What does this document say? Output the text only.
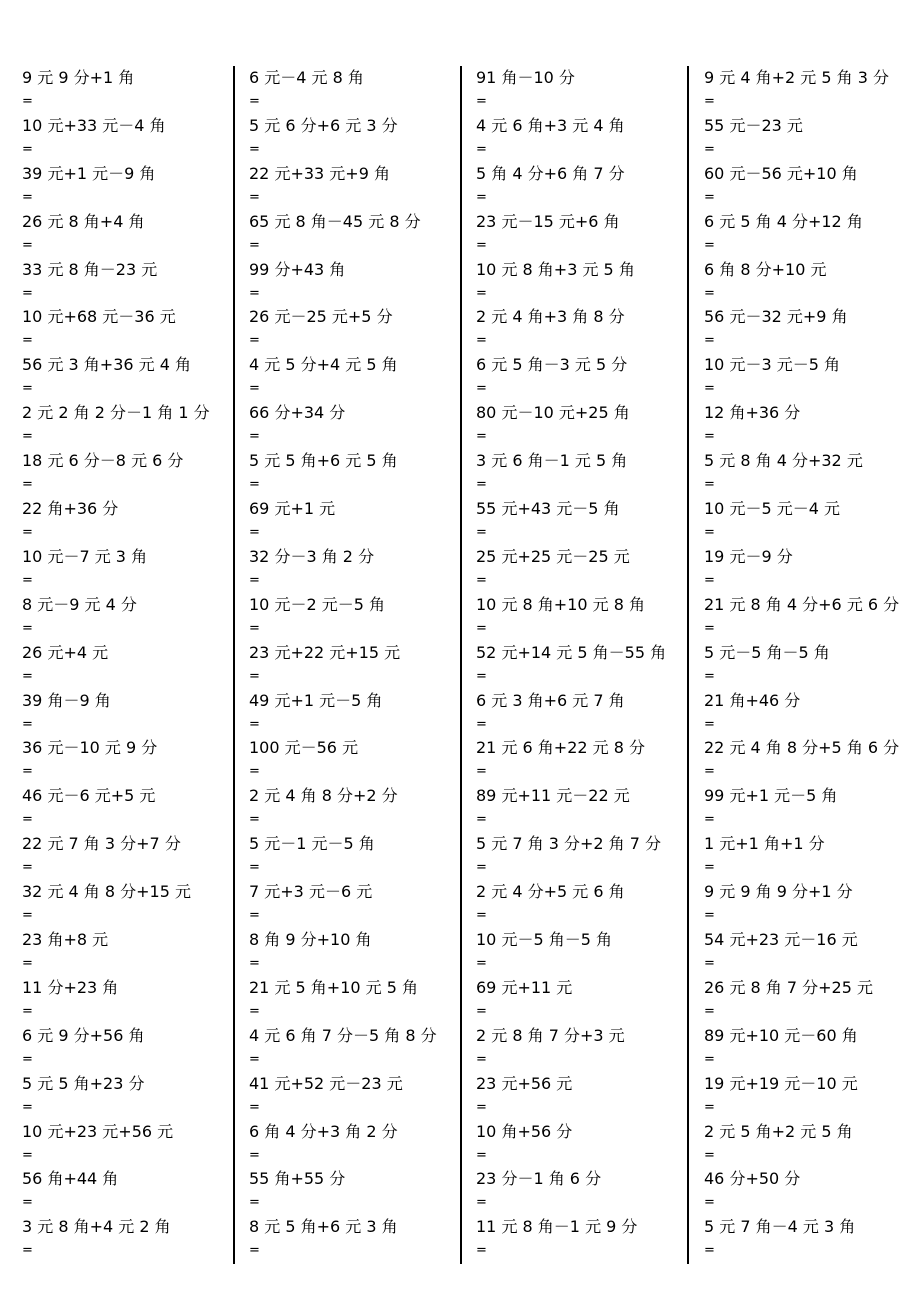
9 元 9 分+1 角
=
10 元+33 元－4 角
=
39 元+1 元－9 角
=
26 元 8 角+4 角
=
33 元 8 角－23 元
=
10 元+68 元－36 元
=
56 元 3 角+36 元 4 角
=
2 元 2 角 2 分－1 角 1 分
=
18 元 6 分－8 元 6 分
=
22 角+36 分
=
10 元－7 元 3 角
=
8 元－9 元 4 分
=
26 元+4 元
=
39 角－9 角
=
36 元－10 元 9 分
=
46 元－6 元+5 元
=
22 元 7 角 3 分+7 分
=
32 元 4 角 8 分+15 元
=
23 角+8 元
=
11 分+23 角
=
6 元 9 分+56 角
=
5 元 5 角+23 分
=
10 元+23 元+56 元
=
56 角+44 角
=
3 元 8 角+4 元 2 角
=
6 元－4 元 8 角
=
5 元 6 分+6 元 3 分
=
22 元+33 元+9 角
=
65 元 8 角－45 元 8 分
=
99 分+43 角
=
26 元－25 元+5 分
=
4 元 5 分+4 元 5 角
=
66 分+34 分
=
5 元 5 角+6 元 5 角
=
69 元+1 元
=
32 分－3 角 2 分
=
10 元－2 元－5 角
=
23 元+22 元+15 元
=
49 元+1 元－5 角
=
100 元－56 元
=
2 元 4 角 8 分+2 分
=
5 元－1 元－5 角
=
7 元+3 元－6 元
=
8 角 9 分+10 角
=
21 元 5 角+10 元 5 角
=
4 元 6 角 7 分－5 角 8 分
=
41 元+52 元－23 元
=
6 角 4 分+3 角 2 分
=
55 角+55 分
=
8 元 5 角+6 元 3 角
=
91 角－10 分
=
4 元 6 角+3 元 4 角
=
5 角 4 分+6 角 7 分
=
23 元－15 元+6 角
=
10 元 8 角+3 元 5 角
=
2 元 4 角+3 角 8 分
=
6 元 5 角－3 元 5 分
=
80 元－10 元+25 角
=
3 元 6 角－1 元 5 角
=
55 元+43 元－5 角
=
25 元+25 元－25 元
=
10 元 8 角+10 元 8 角
=
52 元+14 元 5 角－55 角
=
6 元 3 角+6 元 7 角
=
21 元 6 角+22 元 8 分
=
89 元+11 元－22 元
=
5 元 7 角 3 分+2 角 7 分
=
2 元 4 分+5 元 6 角
=
10 元－5 角－5 角
=
69 元+11 元
=
2 元 8 角 7 分+3 元
=
23 元+56 元
=
10 角+56 分
=
23 分－1 角 6 分
=
11 元 8 角－1 元 9 分
=
9 元 4 角+2 元 5 角 3 分
=
55 元－23 元
=
60 元－56 元+10 角
=
6 元 5 角 4 分+12 角
=
6 角 8 分+10 元
=
56 元－32 元+9 角
=
10 元－3 元－5 角
=
12 角+36 分
=
5 元 8 角 4 分+32 元
=
10 元－5 元－4 元
=
19 元－9 分
=
21 元 8 角 4 分+6 元 6 分
=
5 元－5 角－5 角
=
21 角+46 分
=
22 元 4 角 8 分+5 角 6 分
=
99 元+1 元－5 角
=
1 元+1 角+1 分
=
9 元 9 角 9 分+1 分
=
54 元+23 元－16 元
=
26 元 8 角 7 分+25 元
=
89 元+10 元－60 角
=
19 元+19 元－10 元
=
2 元 5 角+2 元 5 角
=
46 分+50 分
=
5 元 7 角－4 元 3 角
=
